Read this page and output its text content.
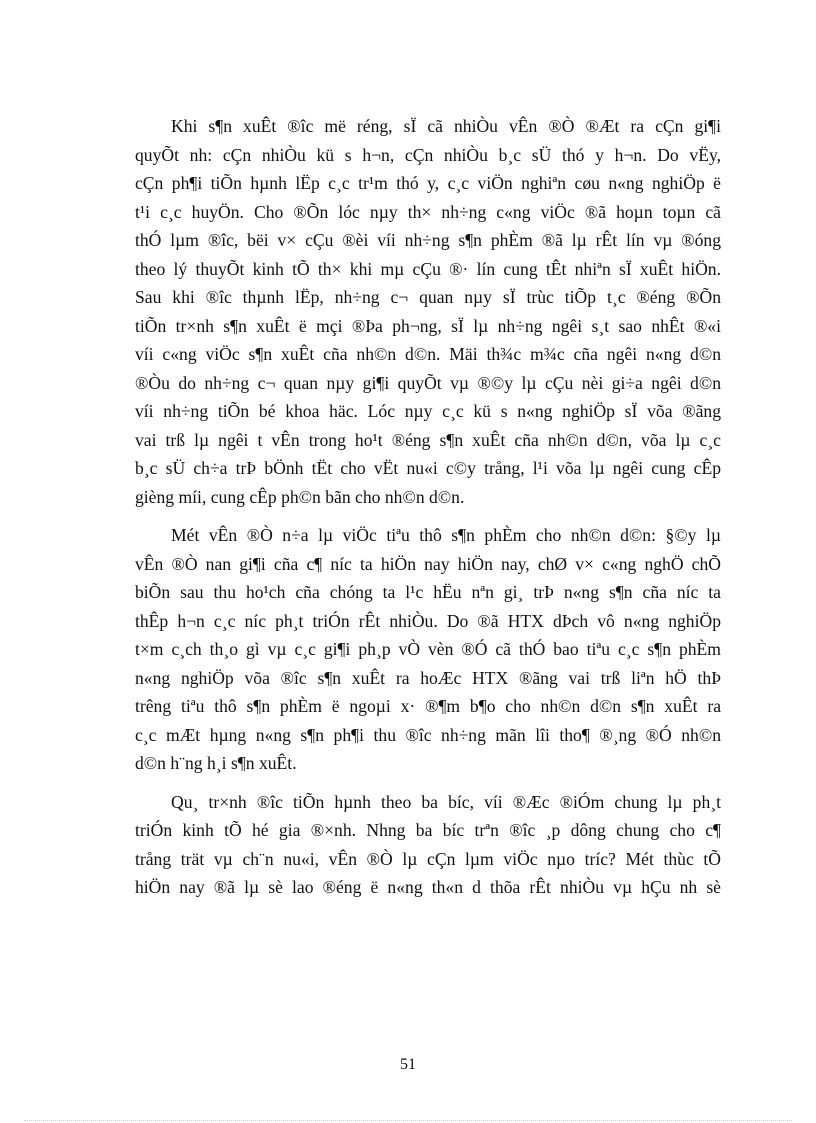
Khi s¶n xuÊt ®îc më réng, sÏ cã nhiÒu vÊn ®Ò ®Æt ra cÇn gi¶i
quyÕt nh: cÇn nhiÒu kü s h¬n, cÇn nhiÒu b¸c sÜ thó y h¬n. Do vËy,
cÇn ph¶i tiÕn hµnh lËp c¸c tr¹m thó y, c¸c viÖn nghiªn cøu n«ng nghiÖp ë
t¹i c¸c huyÖn. Cho ®Õn lóc nµy th× nh÷ng c«ng viÖc ®ã hoµn toµn cã
thÓ lµm ®îc, bëi v× cÇu ®èi víi nh÷ng s¶n phÈm ®ã lµ rÊt lín vµ ®óng
theo lý thuyÕt kinh tÕ th× khi mµ cÇu ®· lín cung tÊt nhiªn sÏ xuÊt hiÖn.
Sau khi ®îc thµnh lËp, nh÷ng c¬ quan nµy sÏ trùc tiÕp t¸c ®éng ®Õn
tiÕn tr×nh s¶n xuÊt ë mçi ®Þa ph¬ng, sÏ lµ nh÷ng ngêi s¸t sao nhÊt ®«i
víi c«ng viÖc s¶n xuÊt cña nh©n d©n. Mäi th¾c m¾c cña ngêi n«ng d©n
®Òu do nh÷ng c¬ quan nµy gi¶i quyÕt vµ ®©y lµ cÇu nèi gi÷a ngêi d©n
víi nh÷ng tiÕn bé khoa häc. Lóc nµy c¸c kü s n«ng nghiÖp sÏ võa ®ãng
vai trß lµ ngêi t vÊn trong ho¹t ®éng s¶n xuÊt cña nh©n d©n, võa lµ c¸c
b¸c sÜ ch÷a trÞ bÖnh tËt cho vËt nu«i c©y trång, l¹i võa lµ ngêi cung cÊp
gièng míi, cung cÊp ph©n bãn cho nh©n d©n.
Mét vÊn ®Ò n÷a lµ viÖc tiªu thô s¶n phÈm cho nh©n d©n: §©y lµ
vÊn ®Ò nan gi¶i cña c¶ níc ta hiÖn nay hiÖn nay, chØ v× c«ng nghÖ chÕ
biÕn sau thu ho¹ch cña chóng ta l¹c hËu nªn gi¸ trÞ n«ng s¶n cña níc ta
thÊp h¬n c¸c níc ph¸t triÓn rÊt nhiÒu. Do ®ã HTX dÞch vô n«ng nghiÖp
t×m c¸ch th¸o gì vµ c¸c gi¶i ph¸p vÒ vèn ®Ó cã thÓ bao tiªu c¸c s¶n phÈm
n«ng nghiÖp võa ®îc s¶n xuÊt ra hoÆc HTX ®ãng vai trß liªn hÖ thÞ
trêng tiªu thô s¶n phÈm ë ngoµi x· ®¶m b¶o cho nh©n d©n s¶n xuÊt ra
c¸c mÆt hµng n«ng s¶n ph¶i thu ®îc nh÷ng mãn lîi tho¶ ®¸ng ®Ó nh©n
d©n h¨ng h¸i s¶n xuÊt.
Qu¸ tr×nh ®îc tiÕn hµnh theo ba bíc, víi ®Æc ®iÓm chung lµ ph¸t
triÓn kinh tÕ hé gia ®×nh. Nhng ba bíc trªn ®îc ¸p dông chung cho c¶
trång trät vµ ch¨n nu«i, vÊn ®Ò lµ cÇn lµm viÖc nµo tríc? Mét thùc tÕ
hiÖn nay ®ã lµ sè lao ®éng ë n«ng th«n d thõa rÊt nhiÒu vµ hÇu nh sè
51
